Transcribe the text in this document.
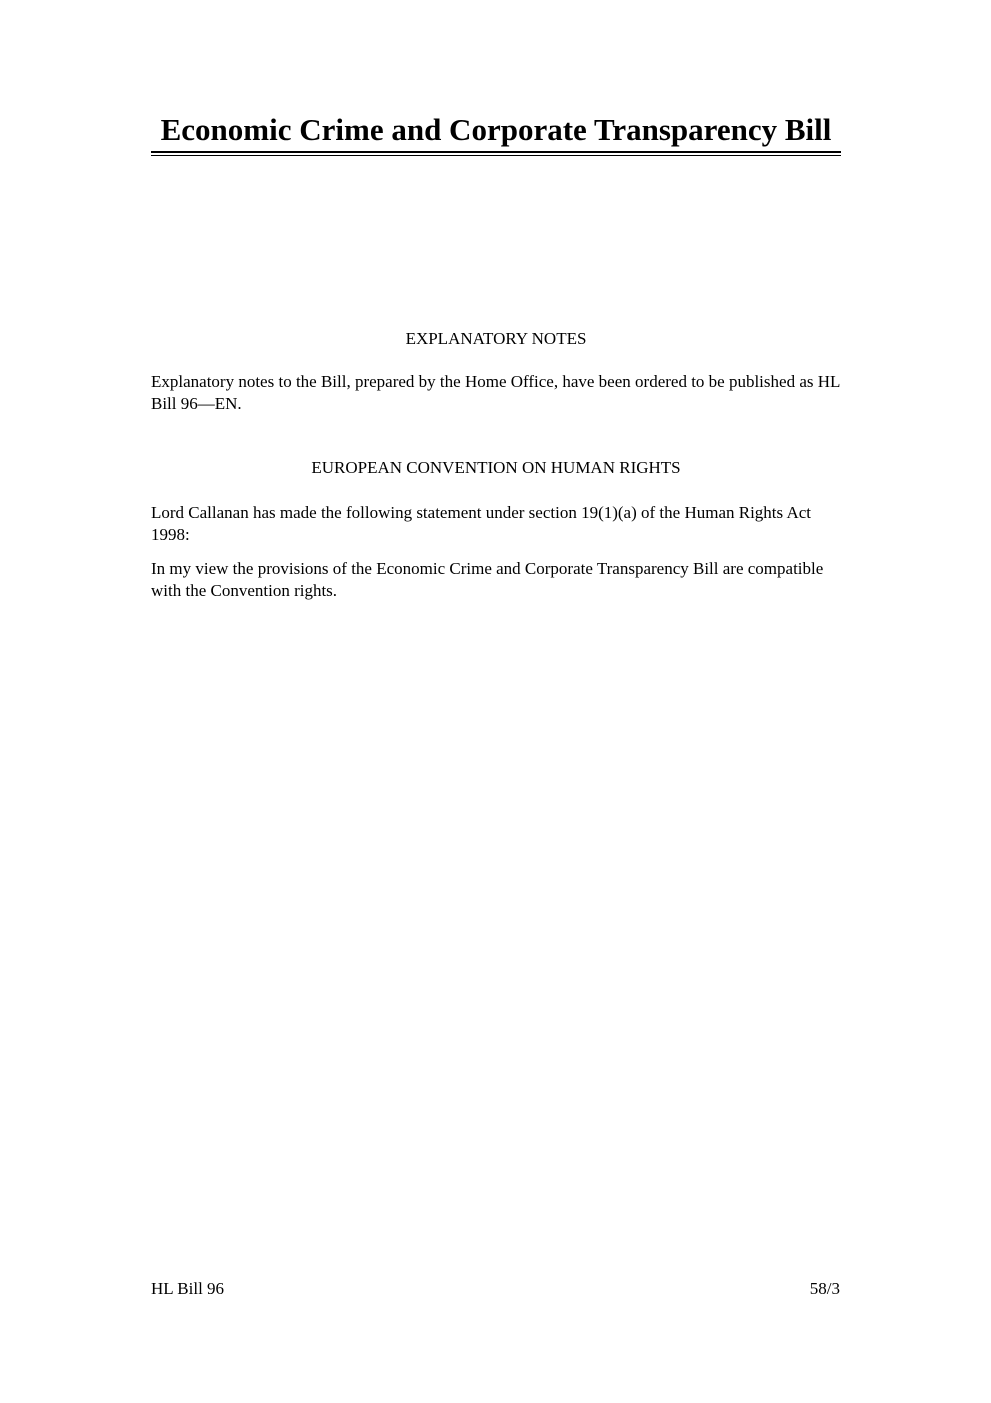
Economic Crime and Corporate Transparency Bill
EXPLANATORY NOTES

Explanatory notes to the Bill, prepared by the Home Office, have been ordered to be published as HL Bill 96—EN.

EUROPEAN CONVENTION ON HUMAN RIGHTS

Lord Callanan has made the following statement under section 19(1)(a) of the Human Rights Act 1998:

In my view the provisions of the Economic Crime and Corporate Transparency Bill are compatible with the Convention rights.

HL Bill 96	58/3
